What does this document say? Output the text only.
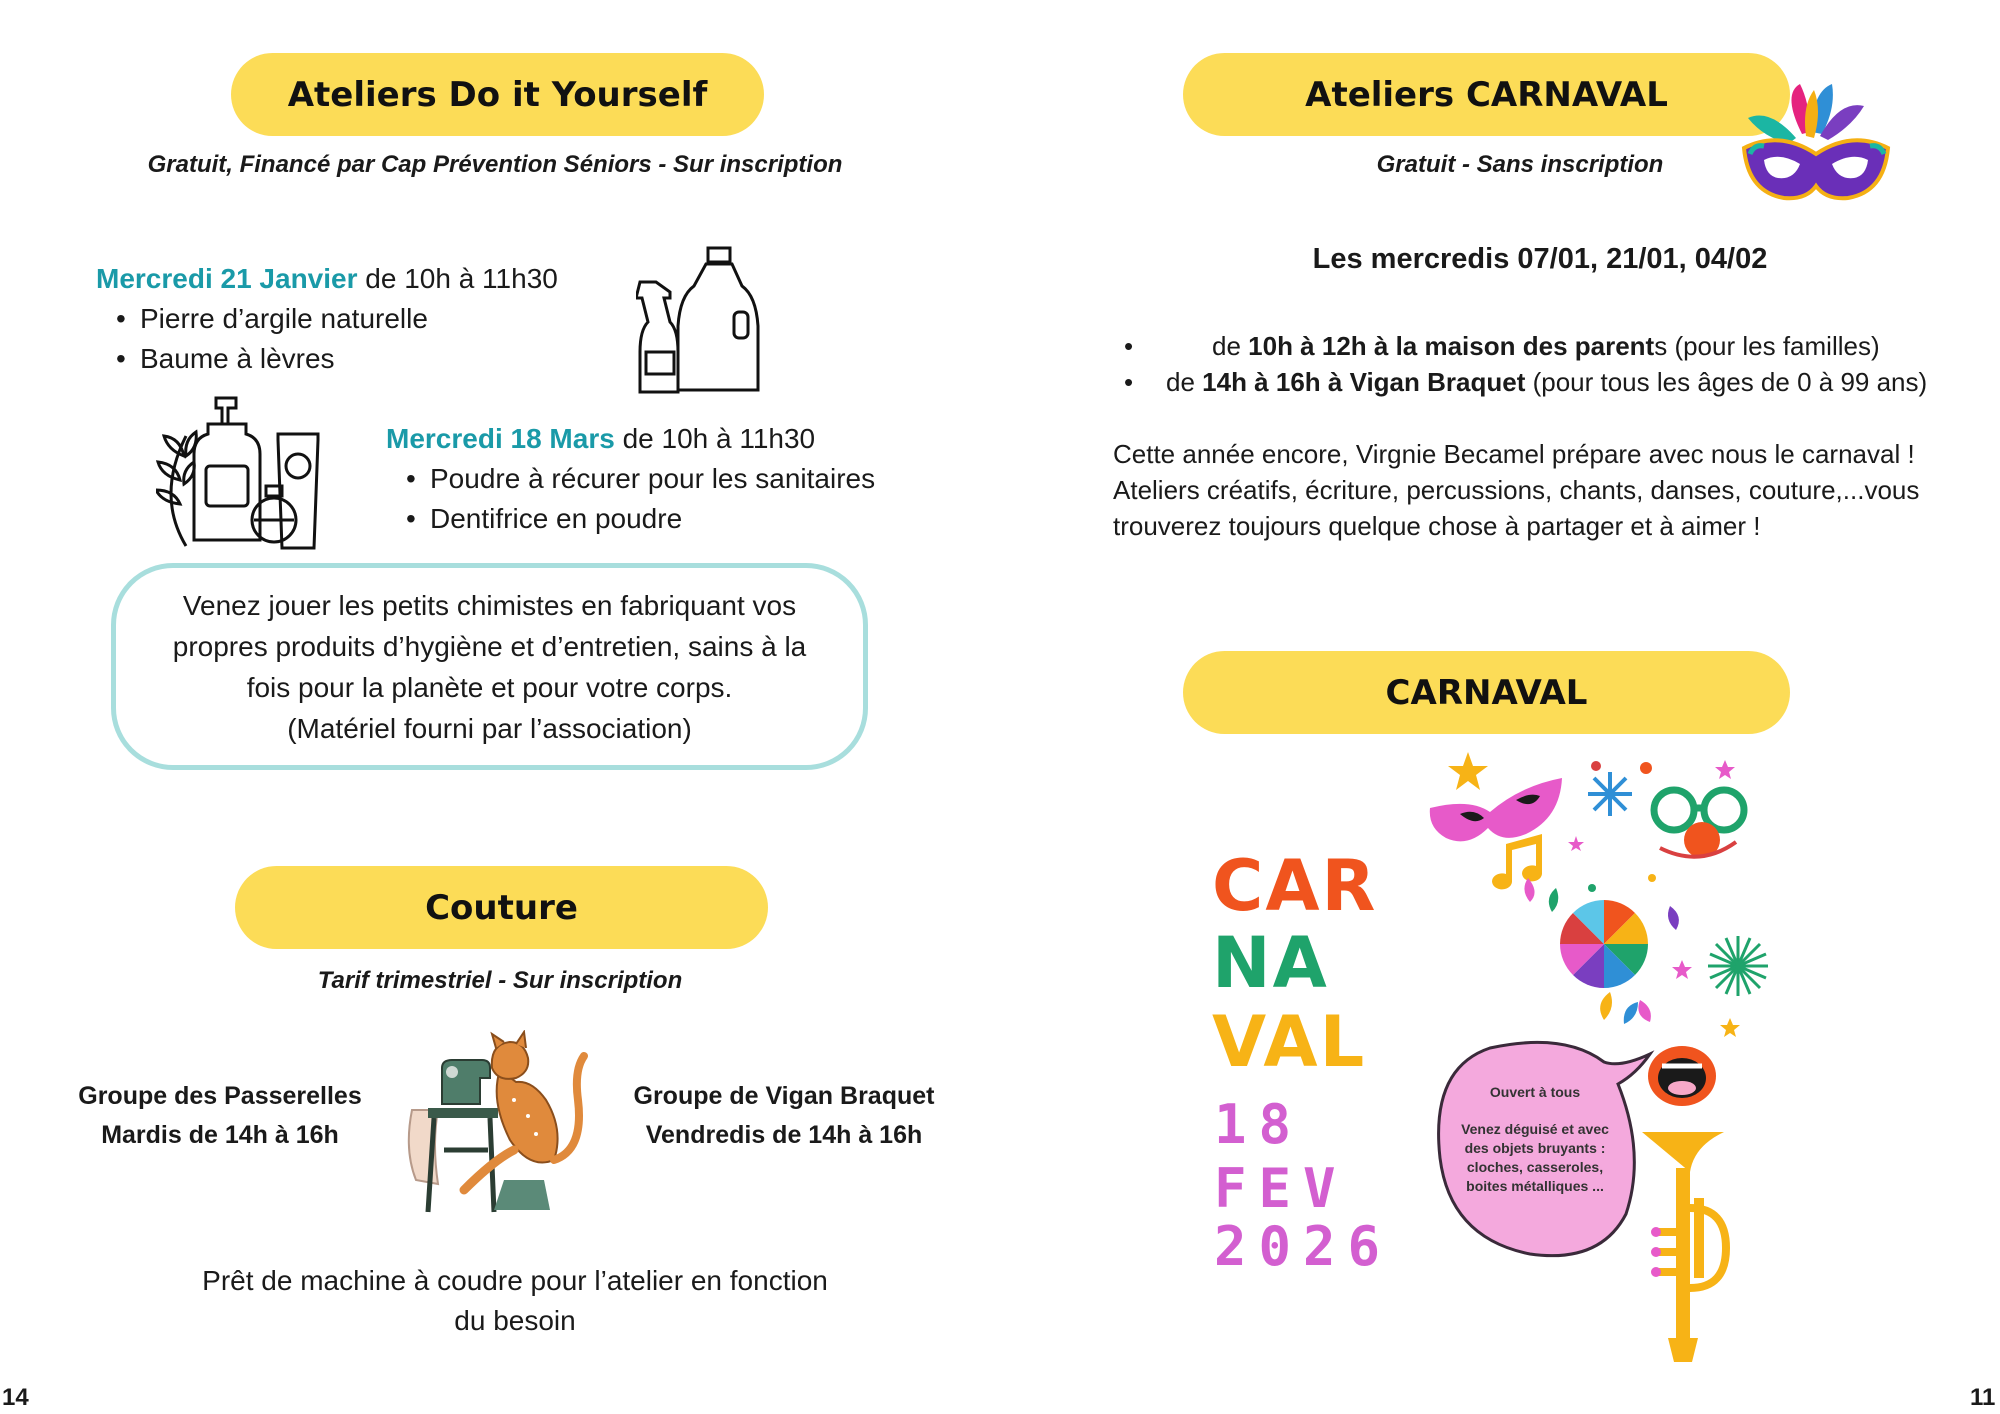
Ateliers Do it Yourself
Gratuit, Financé par Cap Prévention Séniors - Sur inscription
Mercredi 21 Janvier de 10h à 11h30
• Pierre d’argile naturelle
• Baume à lèvres
Mercredi 18 Mars de 10h à 11h30
• Poudre à récurer pour les sanitaires
• Dentifrice en poudre
Venez jouer les petits chimistes en fabriquant vos
propres produits d’hygiène et d’entretien, sains à la
fois pour la planète et pour votre corps.
(Matériel fourni par l’association)
Couture
Tarif trimestriel - Sur inscription
Groupe des Passerelles
Mardis de 14h à 16h
Groupe de Vigan Braquet
Vendredis de 14h à 16h
Prêt de machine à coudre pour l’atelier en fonction
du besoin
14
Ateliers CARNAVAL
Gratuit - Sans inscription
Les mercredis 07/01, 21/01, 04/02
•	de 10h à 12h à la maison des parents (pour les familles)
• de 14h à 16h à Vigan Braquet (pour tous les âges de 0 à 99 ans)
Cette année encore, Virgnie Becamel prépare avec nous le carnaval !
Ateliers créatifs, écriture, percussions, chants, danses, couture,...vous
trouverez toujours quelque chose à partager et à aimer !
CARNAVAL
CAR
NA
VAL
18
FEV
2026
Ouvert à tous
Venez déguisé et avec des objets bruyants : cloches, casseroles, boites métalliques ...
11
